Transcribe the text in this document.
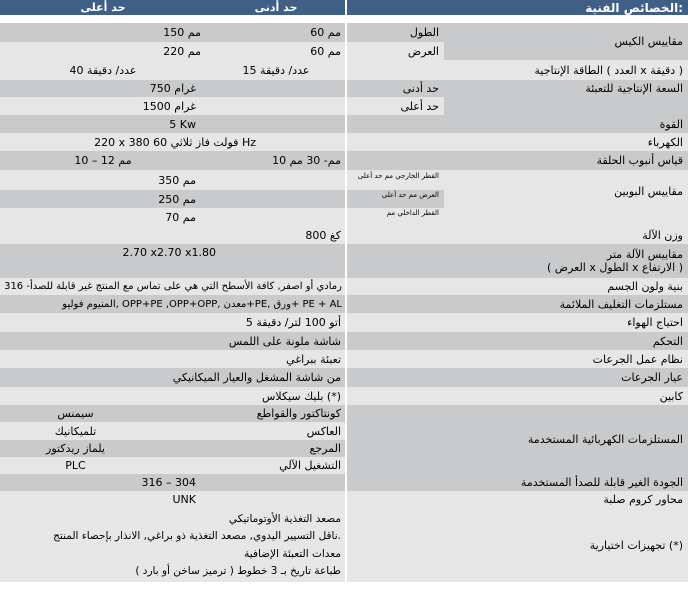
حد أعلى	حد أدنى	الخصائص الفنية:
150 مم	60 مم	الطول
220 مم	60 مم	العرض
مقاييس الكيس
40 عدد/ دقيقة	15 عدد/ دقيقة	الطاقة الإنتاجية ( العدد x دقيقة )
750 غرام	حد أدنى
1500 غرام	حد أعلى
السعة الإنتاجية للتعبئة
5 Kw	القوة
220 x 380 فولت فاز ثلاثي 60 Hz	الكهرباء
10 – 12 مم	10 مم- 30 مم	قياس أنبوب الحلقة
350 مم	القطر الخارجي مم حد أعلى
250 مم	العرض مم حد أعلى
70 مم	القطر الداخلي مم
مقاييس البوبين
800 كغ	وزن الآلة
2.70 x2.70 x1.80	مقاييس الآلة متر
( العرض x الطول x الارتفاع )
رمادي أو اصفر, كافة الأسطح التي هي على تماس مع المنتج غير قابلة للصدأ- 316	بنية ولون الجسم
المنيوم فوليو, OPP+PE ,OPP+OPP, معدن+PE, ورق+ PE + AL	مستلزمات التغليف الملائمة
5 أتو 100 لتر/ دقيقة	احتياج الهواء
شاشة ملونة على اللمس	التحكم
تعبئة ببراغي	نظام عمل الجرعات
من شاشة المشغل والعيار الميكانيكي	عيار الجرعات
بليك سيكلاس (*)	كابين
سيمنس	كونتاكتور والقواطع
تلميكانيك	العاكس
يلماز ريدكتور	المرجع
PLC	التشغيل الآلي
المستلزمات الكهربائية المستخدمة
316 – 304	الجودة الغير قابلة للصدأ المستخدمة
UNK	محاور كروم صلبة
مصعد التغذية الأوتوماتيكي
ناقل التسيير اليدوي, مصعد التغذية ذو براغي, الانذار بإحصاء المنتج.
معدات التعبئة الإضافية
طباعة تاريخ بـ 3 خطوط ( ترميز ساخن أو بارد )
تجهيزات اختيارية (*)
